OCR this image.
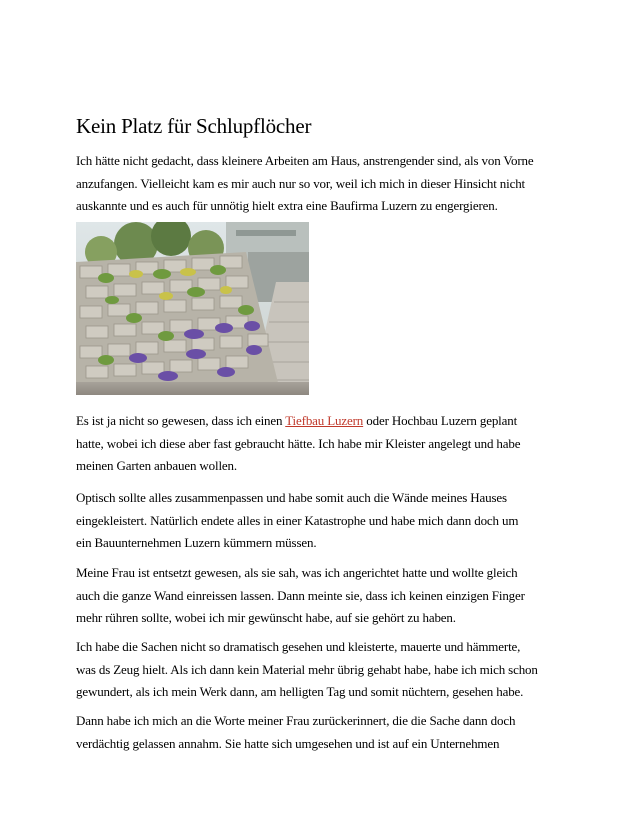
Kein Platz für Schlupflöcher

Ich hätte nicht gedacht, dass kleinere Arbeiten am Haus, anstrengender sind, als von Vorne
anzufangen. Vielleicht kam es mir auch nur so vor, weil ich mich in dieser Hinsicht nicht
auskannte und es auch für unnötig hielt extra eine Baufirma Luzern zu engergieren.

Es ist ja nicht so gewesen, dass ich einen Tiefbau Luzern oder Hochbau Luzern geplant
hatte, wobei ich diese aber fast gebraucht hätte. Ich habe mir Kleister angelegt und habe
meinen Garten anbauen wollen.

Optisch sollte alles zusammenpassen und habe somit auch die Wände meines Hauses
eingekleistert. Natürlich endete alles in einer Katastrophe und habe mich dann doch um
ein Bauunternehmen Luzern kümmern müssen.

Meine Frau ist entsetzt gewesen, als sie sah, was ich angerichtet hatte und wollte gleich
auch die ganze Wand einreissen lassen. Dann meinte sie, dass ich keinen einzigen Finger
mehr rühren sollte, wobei ich mir gewünscht habe, auf sie gehört zu haben.

Ich habe die Sachen nicht so dramatisch gesehen und kleisterte, mauerte und hämmerte,
was ds Zeug hielt. Als ich dann kein Material mehr übrig gehabt habe, habe ich mich schon
gewundert, als ich mein Werk dann, am helligten Tag und somit nüchtern, gesehen habe.

Dann habe ich mich an die Worte meiner Frau zurückerinnert, die die Sache dann doch
verdächtig gelassen annahm. Sie hatte sich umgesehen und ist auf ein Unternehmen
